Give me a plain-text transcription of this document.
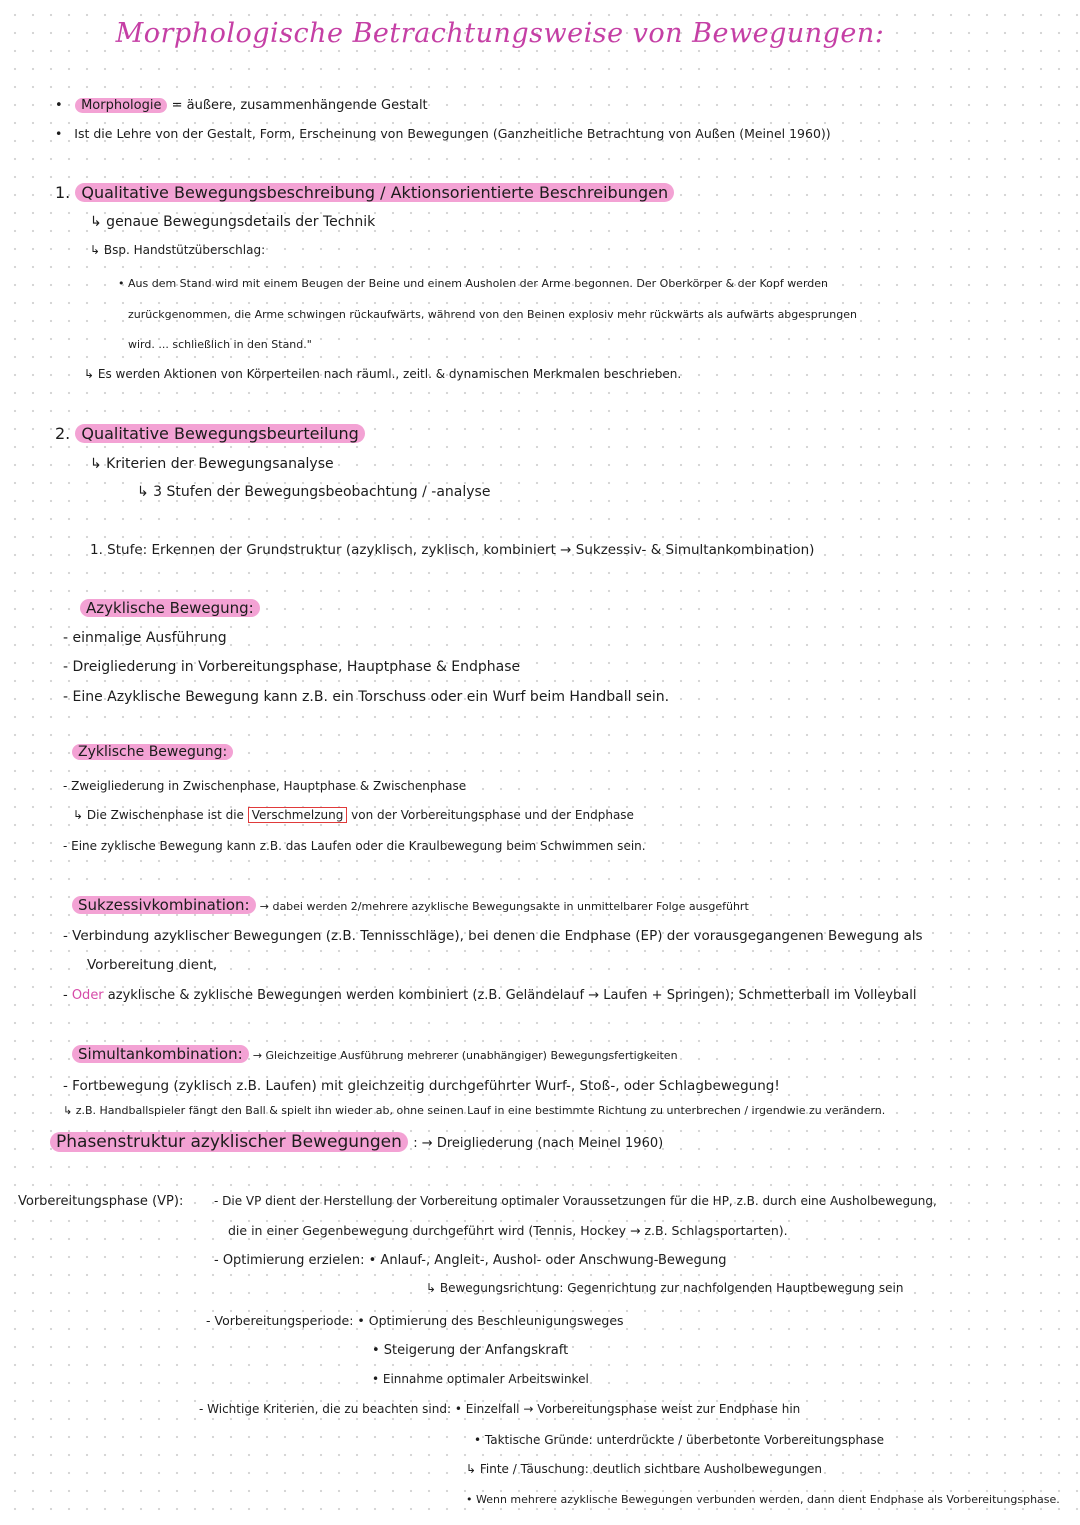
Morphologische Betrachtungsweise von Bewegungen:
•   Morphologie = äußere, zusammenhängende Gestalt
•   Ist die Lehre von der Gestalt, Form, Erscheinung von Bewegungen (Ganzheitliche Betrachtung von Außen (Meinel 1960))
1. Qualitative Bewegungsbeschreibung / Aktionsorientierte Beschreibungen
↳ genaue Bewegungsdetails der Technik
↳ Bsp. Handstützüberschlag:
• Aus dem Stand wird mit einem Beugen der Beine und einem Ausholen der Arme begonnen. Der Oberkörper & der Kopf werden
zurückgenommen, die Arme schwingen rückaufwärts, während von den Beinen explosiv mehr rückwärts als aufwärts abgesprungen
wird. ... schließlich in den Stand."
↳ Es werden Aktionen von Körperteilen nach räuml., zeitl. & dynamischen Merkmalen beschrieben.
2. Qualitative Bewegungsbeurteilung
↳ Kriterien der Bewegungsanalyse
↳ 3 Stufen der Bewegungsbeobachtung / -analyse
1. Stufe: Erkennen der Grundstruktur (azyklisch, zyklisch, kombiniert → Sukzessiv- & Simultankombination)
Azyklische Bewegung:
- einmalige Ausführung
- Dreigliederung in Vorbereitungsphase, Hauptphase & Endphase
- Eine Azyklische Bewegung kann z.B. ein Torschuss oder ein Wurf beim Handball sein.
Zyklische Bewegung:
- Zweigliederung in Zwischenphase, Hauptphase & Zwischenphase
↳ Die Zwischenphase ist die Verschmelzung von der Vorbereitungsphase und der Endphase
- Eine zyklische Bewegung kann z.B. das Laufen oder die Kraulbewegung beim Schwimmen sein.
Sukzessivkombination: → dabei werden 2/mehrere azyklische Bewegungsakte in unmittelbarer Folge ausgeführt
- Verbindung azyklischer Bewegungen (z.B. Tennisschläge), bei denen die Endphase (EP) der vorausgegangenen Bewegung als
Vorbereitung dient,
- Oder azyklische & zyklische Bewegungen werden kombiniert (z.B. Geländelauf → Laufen + Springen); Schmetterball im Volleyball
Simultankombination: → Gleichzeitige Ausführung mehrerer (unabhängiger) Bewegungsfertigkeiten
- Fortbewegung (zyklisch z.B. Laufen) mit gleichzeitig durchgeführter Wurf-, Stoß-, oder Schlagbewegung!
↳ z.B. Handballspieler fängt den Ball & spielt ihn wieder ab, ohne seinen Lauf in eine bestimmte Richtung zu unterbrechen / irgendwie zu verändern.
Phasenstruktur azyklischer Bewegungen : → Dreigliederung (nach Meinel 1960)
Vorbereitungsphase (VP):	- Die VP dient der Herstellung der Vorbereitung optimaler Voraussetzungen für die HP, z.B. durch eine Ausholbewegung,
die in einer Gegenbewegung durchgeführt wird (Tennis, Hockey → z.B. Schlagsportarten).
- Optimierung erzielen: • Anlauf-, Angleit-, Aushol- oder Anschwung-Bewegung
↳ Bewegungsrichtung: Gegenrichtung zur nachfolgenden Hauptbewegung sein
- Vorbereitungsperiode: • Optimierung des Beschleunigungsweges
• Steigerung der Anfangskraft
• Einnahme optimaler Arbeitswinkel
- Wichtige Kriterien, die zu beachten sind: • Einzelfall → Vorbereitungsphase weist zur Endphase hin
• Taktische Gründe: unterdrückte / überbetonte Vorbereitungsphase
↳ Finte / Täuschung: deutlich sichtbare Ausholbewegungen
• Wenn mehrere azyklische Bewegungen verbunden werden, dann dient Endphase als Vorbereitungsphase.
